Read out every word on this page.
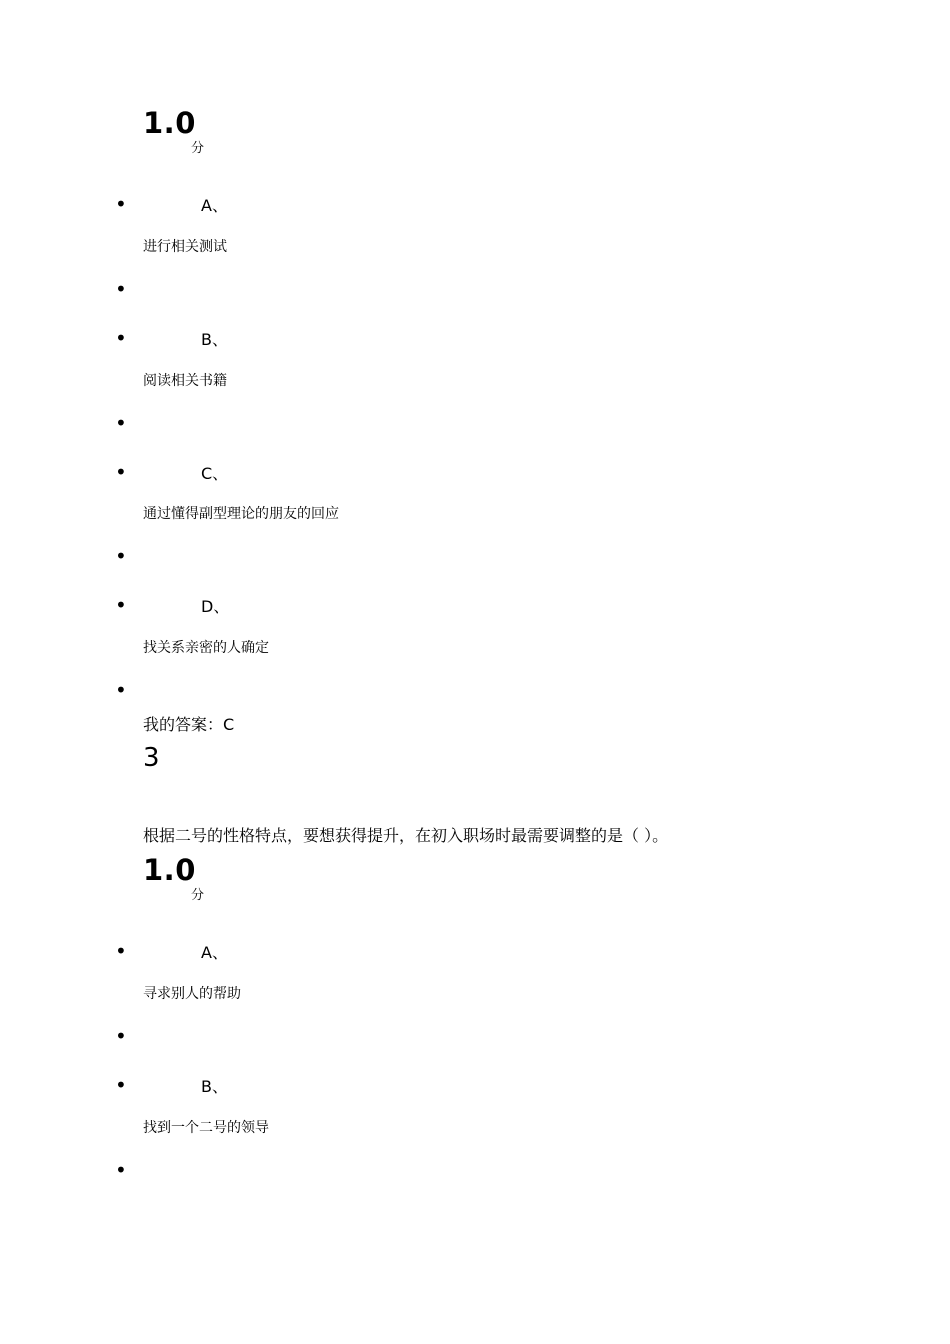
1.0
分
•	A、
进行相关测试
•
•	B、
阅读相关书籍
•
•	C、
通过懂得副型理论的朋友的回应
•
•	D、
找关系亲密的人确定
•
我的答案：C
3
根据二号的性格特点，要想获得提升，在初入职场时最需要调整的是（ ）。
1.0
分
•	A、
寻求别人的帮助
•
•	B、
找到一个二号的领导
•
